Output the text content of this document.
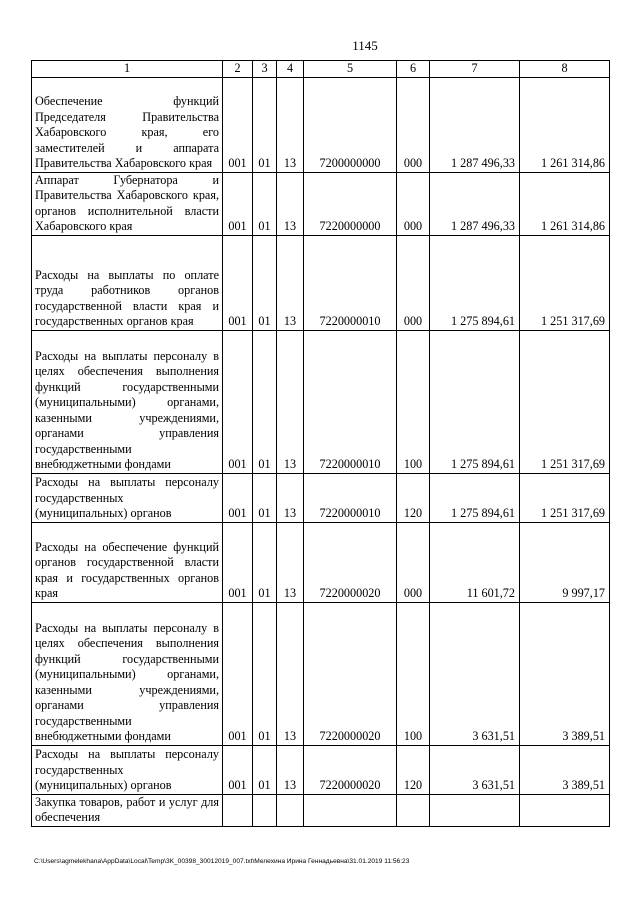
1145
1	2	3	4	5	6	7	8
Обеспечение функций Председателя Правительства Хабаровского края, его заместителей и аппарата Правительства Хабаровского края	001	01	13	7200000000	000	1 287 496,33	1 261 314,86
Аппарат Губернатора и Правительства Хабаровского края, органов исполнительной власти Хабаровского края	001	01	13	7220000000	000	1 287 496,33	1 261 314,86
Расходы на выплаты по оплате труда работников органов государственной власти края и государственных органов края	001	01	13	7220000010	000	1 275 894,61	1 251 317,69
Расходы на выплаты персоналу в целях обеспечения выполнения функций государственными (муниципальными) органами, казенными учреждениями, органами управления государственными внебюджетными фондами	001	01	13	7220000010	100	1 275 894,61	1 251 317,69
Расходы на выплаты персоналу государственных (муниципальных) органов	001	01	13	7220000010	120	1 275 894,61	1 251 317,69
Расходы на обеспечение функций органов государственной власти края и государственных органов края	001	01	13	7220000020	000	11 601,72	9 997,17
Расходы на выплаты персоналу в целях обеспечения выполнения функций государственными (муниципальными) органами, казенными учреждениями, органами управления государственными внебюджетными фондами	001	01	13	7220000020	100	3 631,51	3 389,51
Расходы на выплаты персоналу государственных (муниципальных) органов	001	01	13	7220000020	120	3 631,51	3 389,51
Закупка товаров, работ и услуг для обеспечения							
C:\Users\agmelekhana\AppData\Local\Temp\3K_00398_30012019_007.txt\Мелехина Ирина Геннадьевна\31.01.2019 11:56:23
